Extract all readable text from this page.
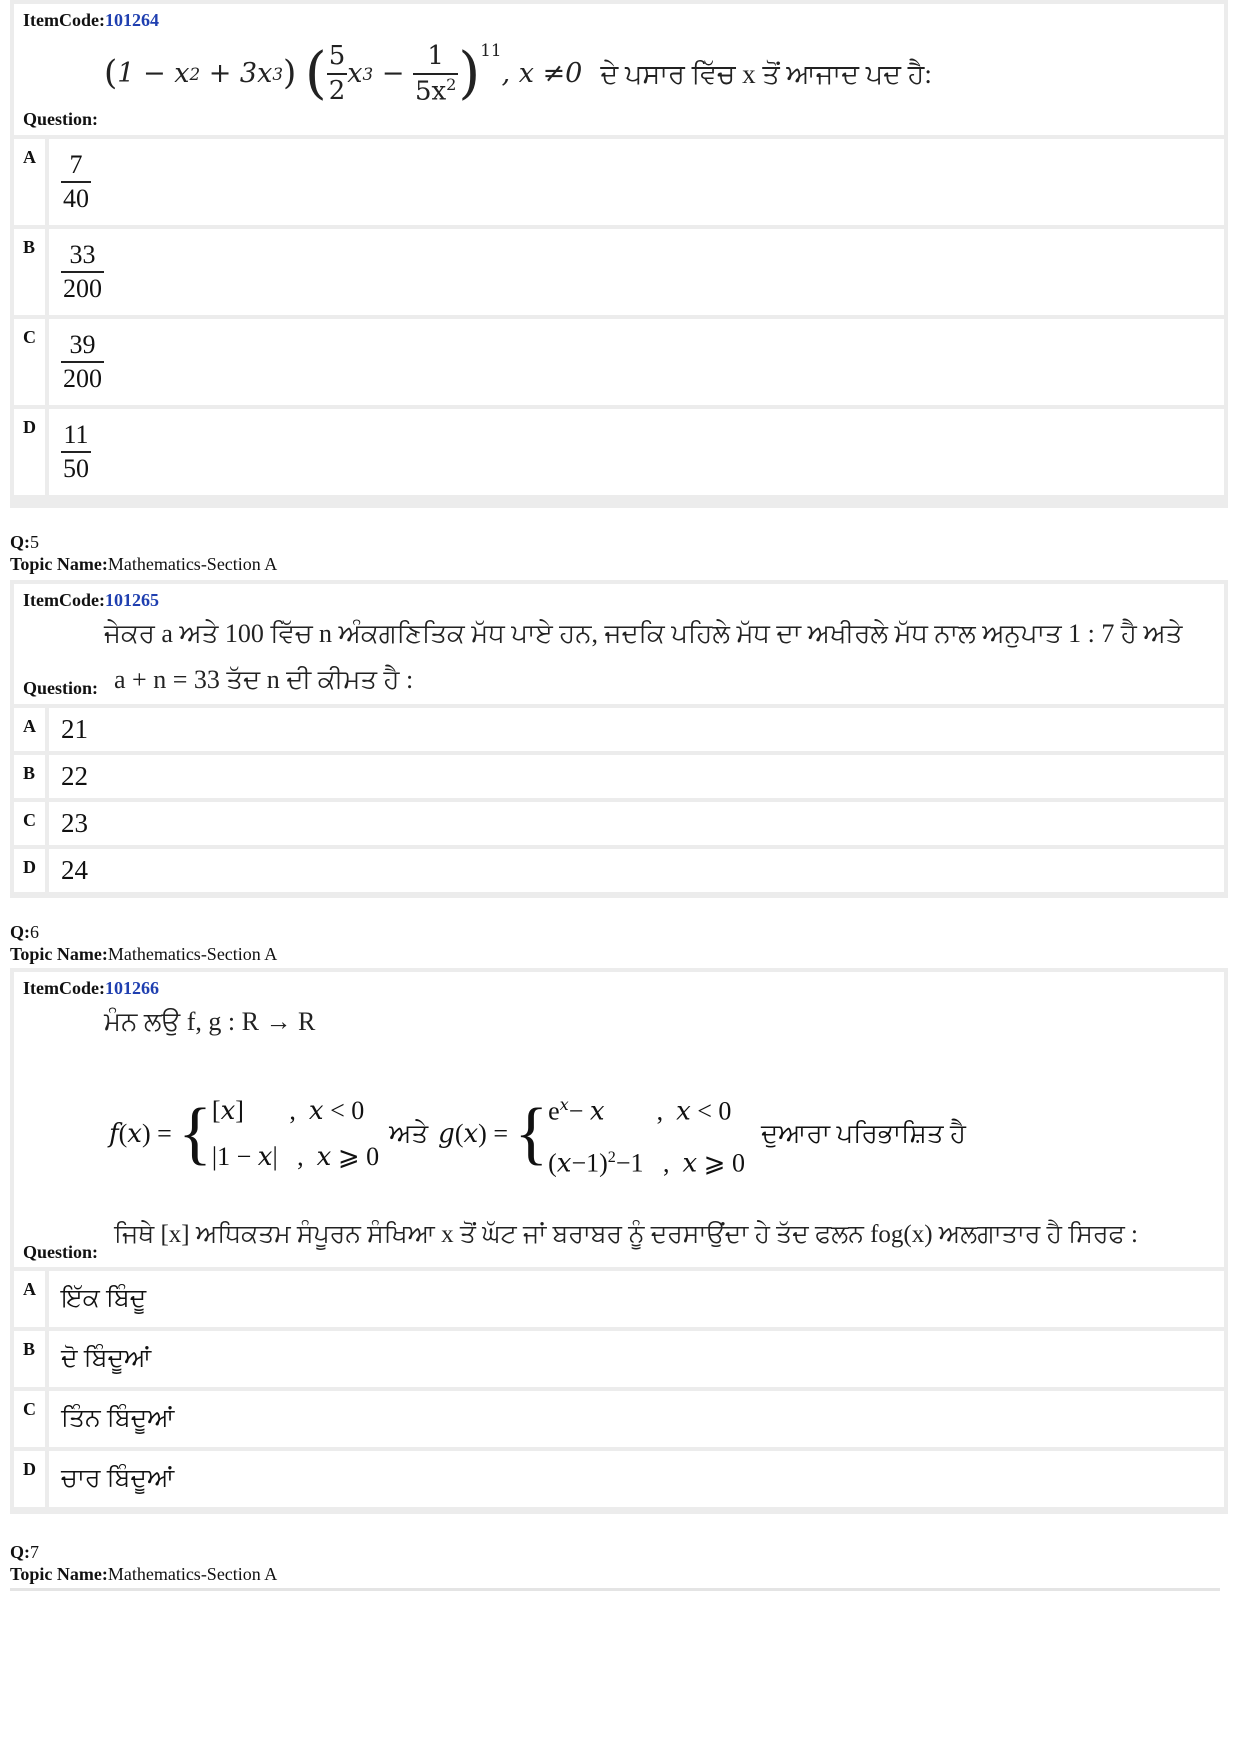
ItemCode:101264
( 1 − x 2 + 3x 3 )
( $\frac{5}{2}$ x $3 - \frac{1}{5x^2} )^{11}$
, x ≠0 ਦੇ ਪਸਾਰ ਵਿੱਚ x ਤੋਂ ਆਜਾਦ ਪਦ ਹੈ:
Question:
A $\frac{7}{40}$
B $\frac{33}{200}$
C $\frac{39}{200}$
D $\frac{11}{50}$
Q:5
Topic Name:Mathematics-Section A
ItemCode:101265
ਜੇਕਰ a ਅਤੇ 100 ਵਿੱਚ n ਅੰਕਗਣਿਤਿਕ ਮੱਧ ਪਾਏ ਹਨ, ਜਦਕਿ ਪਹਿਲੇ ਮੱਧ ਦਾ ਅਖੀਰਲੇ ਮੱਧ ਨਾਲ ਅਨੁਪਾਤ 1 : 7 ਹੈ ਅਤੇ
Question: a + n = 33 ਤੱਦ n ਦੀ ਕੀਮਤ ਹੈ :
A 21
B 22
C 23
D 24
Q:6
Topic Name:Mathematics-Section A
ItemCode:101266
ਮੰਨ ਲਉ f, g : R → R
f ( x ) = { [x]       ,  x < 0
|1 − x|   ,  x ⩾ 0
ਅਤੇ g ( x ) = { $e^x- x$        ,  x < 0
$(x-1)^2-1$   ,  x ⩾ 0
ਦੁਆਰਾ ਪਰਿਭਾਸ਼ਿਤ ਹੈ
Question:
ਜਿਥੇ [x] ਅਧਿਕਤਮ ਸੰਪੂਰਨ ਸੰਖਿਆ x ਤੋਂ ਘੱਟ ਜਾਂ ਬਰਾਬਰ ਨੂੰ ਦਰਸਾਉਂਦਾ ਹੇ ਤੱਦ ਫਲਨ fog(x) ਅਲਗਾਤਾਰ ਹੈ ਸਿਰਫ :
A	ਇੱਕ ਬਿੰਦੂ
B	ਦੋ ਬਿੰਦੂਆਂ
C	ਤਿੰਨ ਬਿੰਦੂਆਂ
D	ਚਾਰ ਬਿੰਦੂਆਂ
Q:7
Topic Name:Mathematics-Section A
